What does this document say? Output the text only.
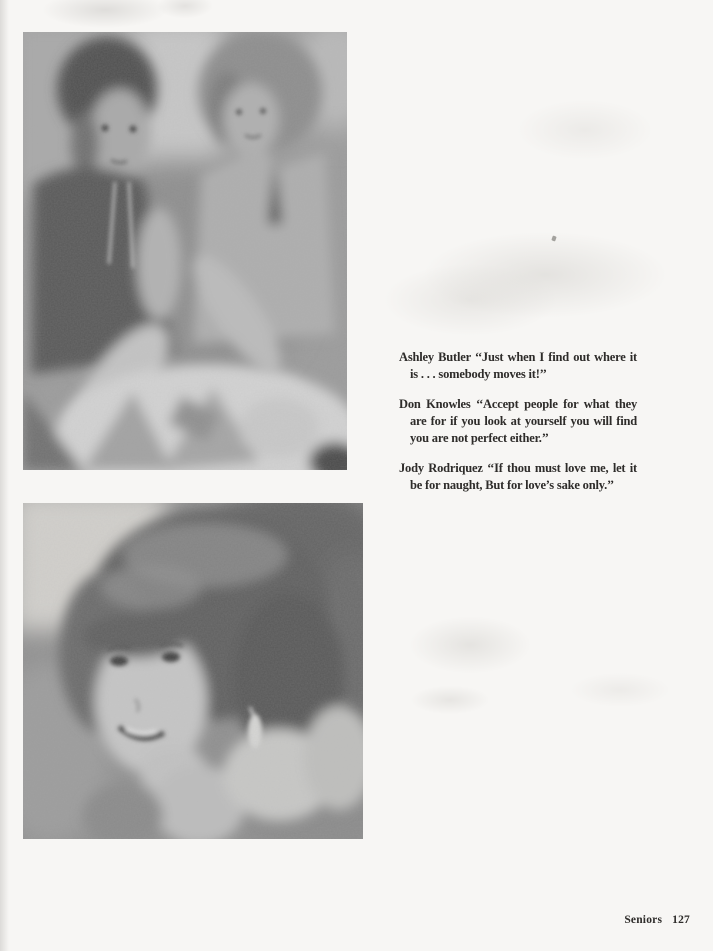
Ashley Butler ‘‘Just when I find out where it is . . . somebody moves it!’’

Don Knowles ‘‘Accept people for what they are for if you look at yourself you will find you are not perfect either.’’

Jody Rodriquez ‘‘If thou must love me, let it be for naught, But for love’s sake only.’’

Seniors 127
